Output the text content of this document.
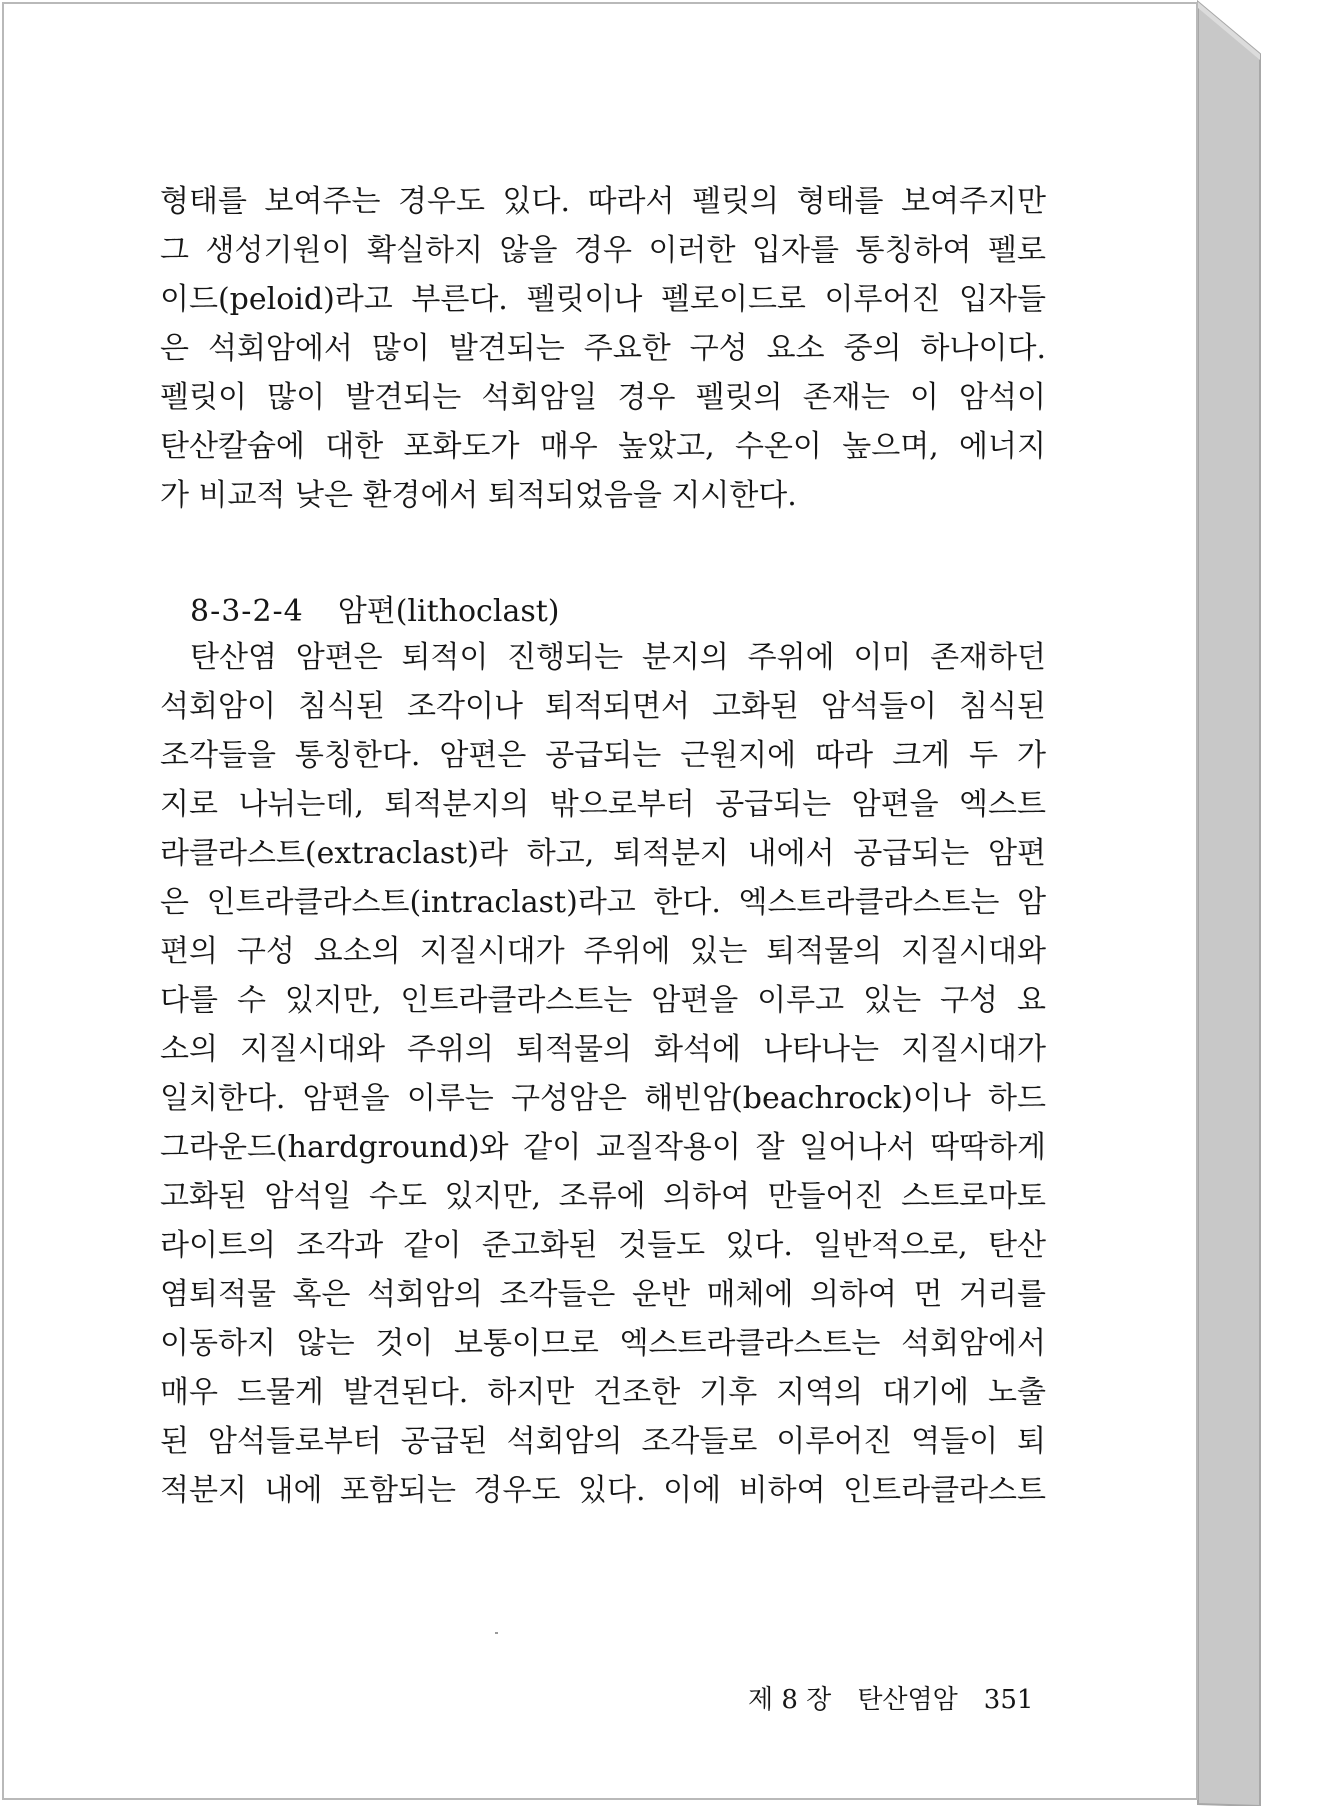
형태를 보여주는 경우도 있다. 따라서 펠릿의 형태를 보여주지만
그 생성기원이 확실하지 않을 경우 이러한 입자를 통칭하여 펠로
이드(peloid)라고 부른다. 펠릿이나 펠로이드로 이루어진 입자들
은 석회암에서 많이 발견되는 주요한 구성 요소 중의 하나이다.
펠릿이 많이 발견되는 석회암일 경우 펠릿의 존재는 이 암석이
탄산칼슘에 대한 포화도가 매우 높았고, 수온이 높으며, 에너지
가 비교적 낮은 환경에서 퇴적되었음을 지시한다.
8-3-2-4 암편(lithoclast)
탄산염 암편은 퇴적이 진행되는 분지의 주위에 이미 존재하던
석회암이 침식된 조각이나 퇴적되면서 고화된 암석들이 침식된
조각들을 통칭한다. 암편은 공급되는 근원지에 따라 크게 두 가
지로 나뉘는데, 퇴적분지의 밖으로부터 공급되는 암편을 엑스트
라클라스트(extraclast)라 하고, 퇴적분지 내에서 공급되는 암편
은 인트라클라스트(intraclast)라고 한다. 엑스트라클라스트는 암
편의 구성 요소의 지질시대가 주위에 있는 퇴적물의 지질시대와
다를 수 있지만, 인트라클라스트는 암편을 이루고 있는 구성 요
소의 지질시대와 주위의 퇴적물의 화석에 나타나는 지질시대가
일치한다. 암편을 이루는 구성암은 해빈암(beachrock)이나 하드
그라운드(hardground)와 같이 교질작용이 잘 일어나서 딱딱하게
고화된 암석일 수도 있지만, 조류에 의하여 만들어진 스트로마토
라이트의 조각과 같이 준고화된 것들도 있다. 일반적으로, 탄산
염퇴적물 혹은 석회암의 조각들은 운반 매체에 의하여 먼 거리를
이동하지 않는 것이 보통이므로 엑스트라클라스트는 석회암에서
매우 드물게 발견된다. 하지만 건조한 기후 지역의 대기에 노출
된 암석들로부터 공급된 석회암의 조각들로 이루어진 역들이 퇴
적분지 내에 포함되는 경우도 있다. 이에 비하여 인트라클라스트
제 8 장 탄산염암 351
